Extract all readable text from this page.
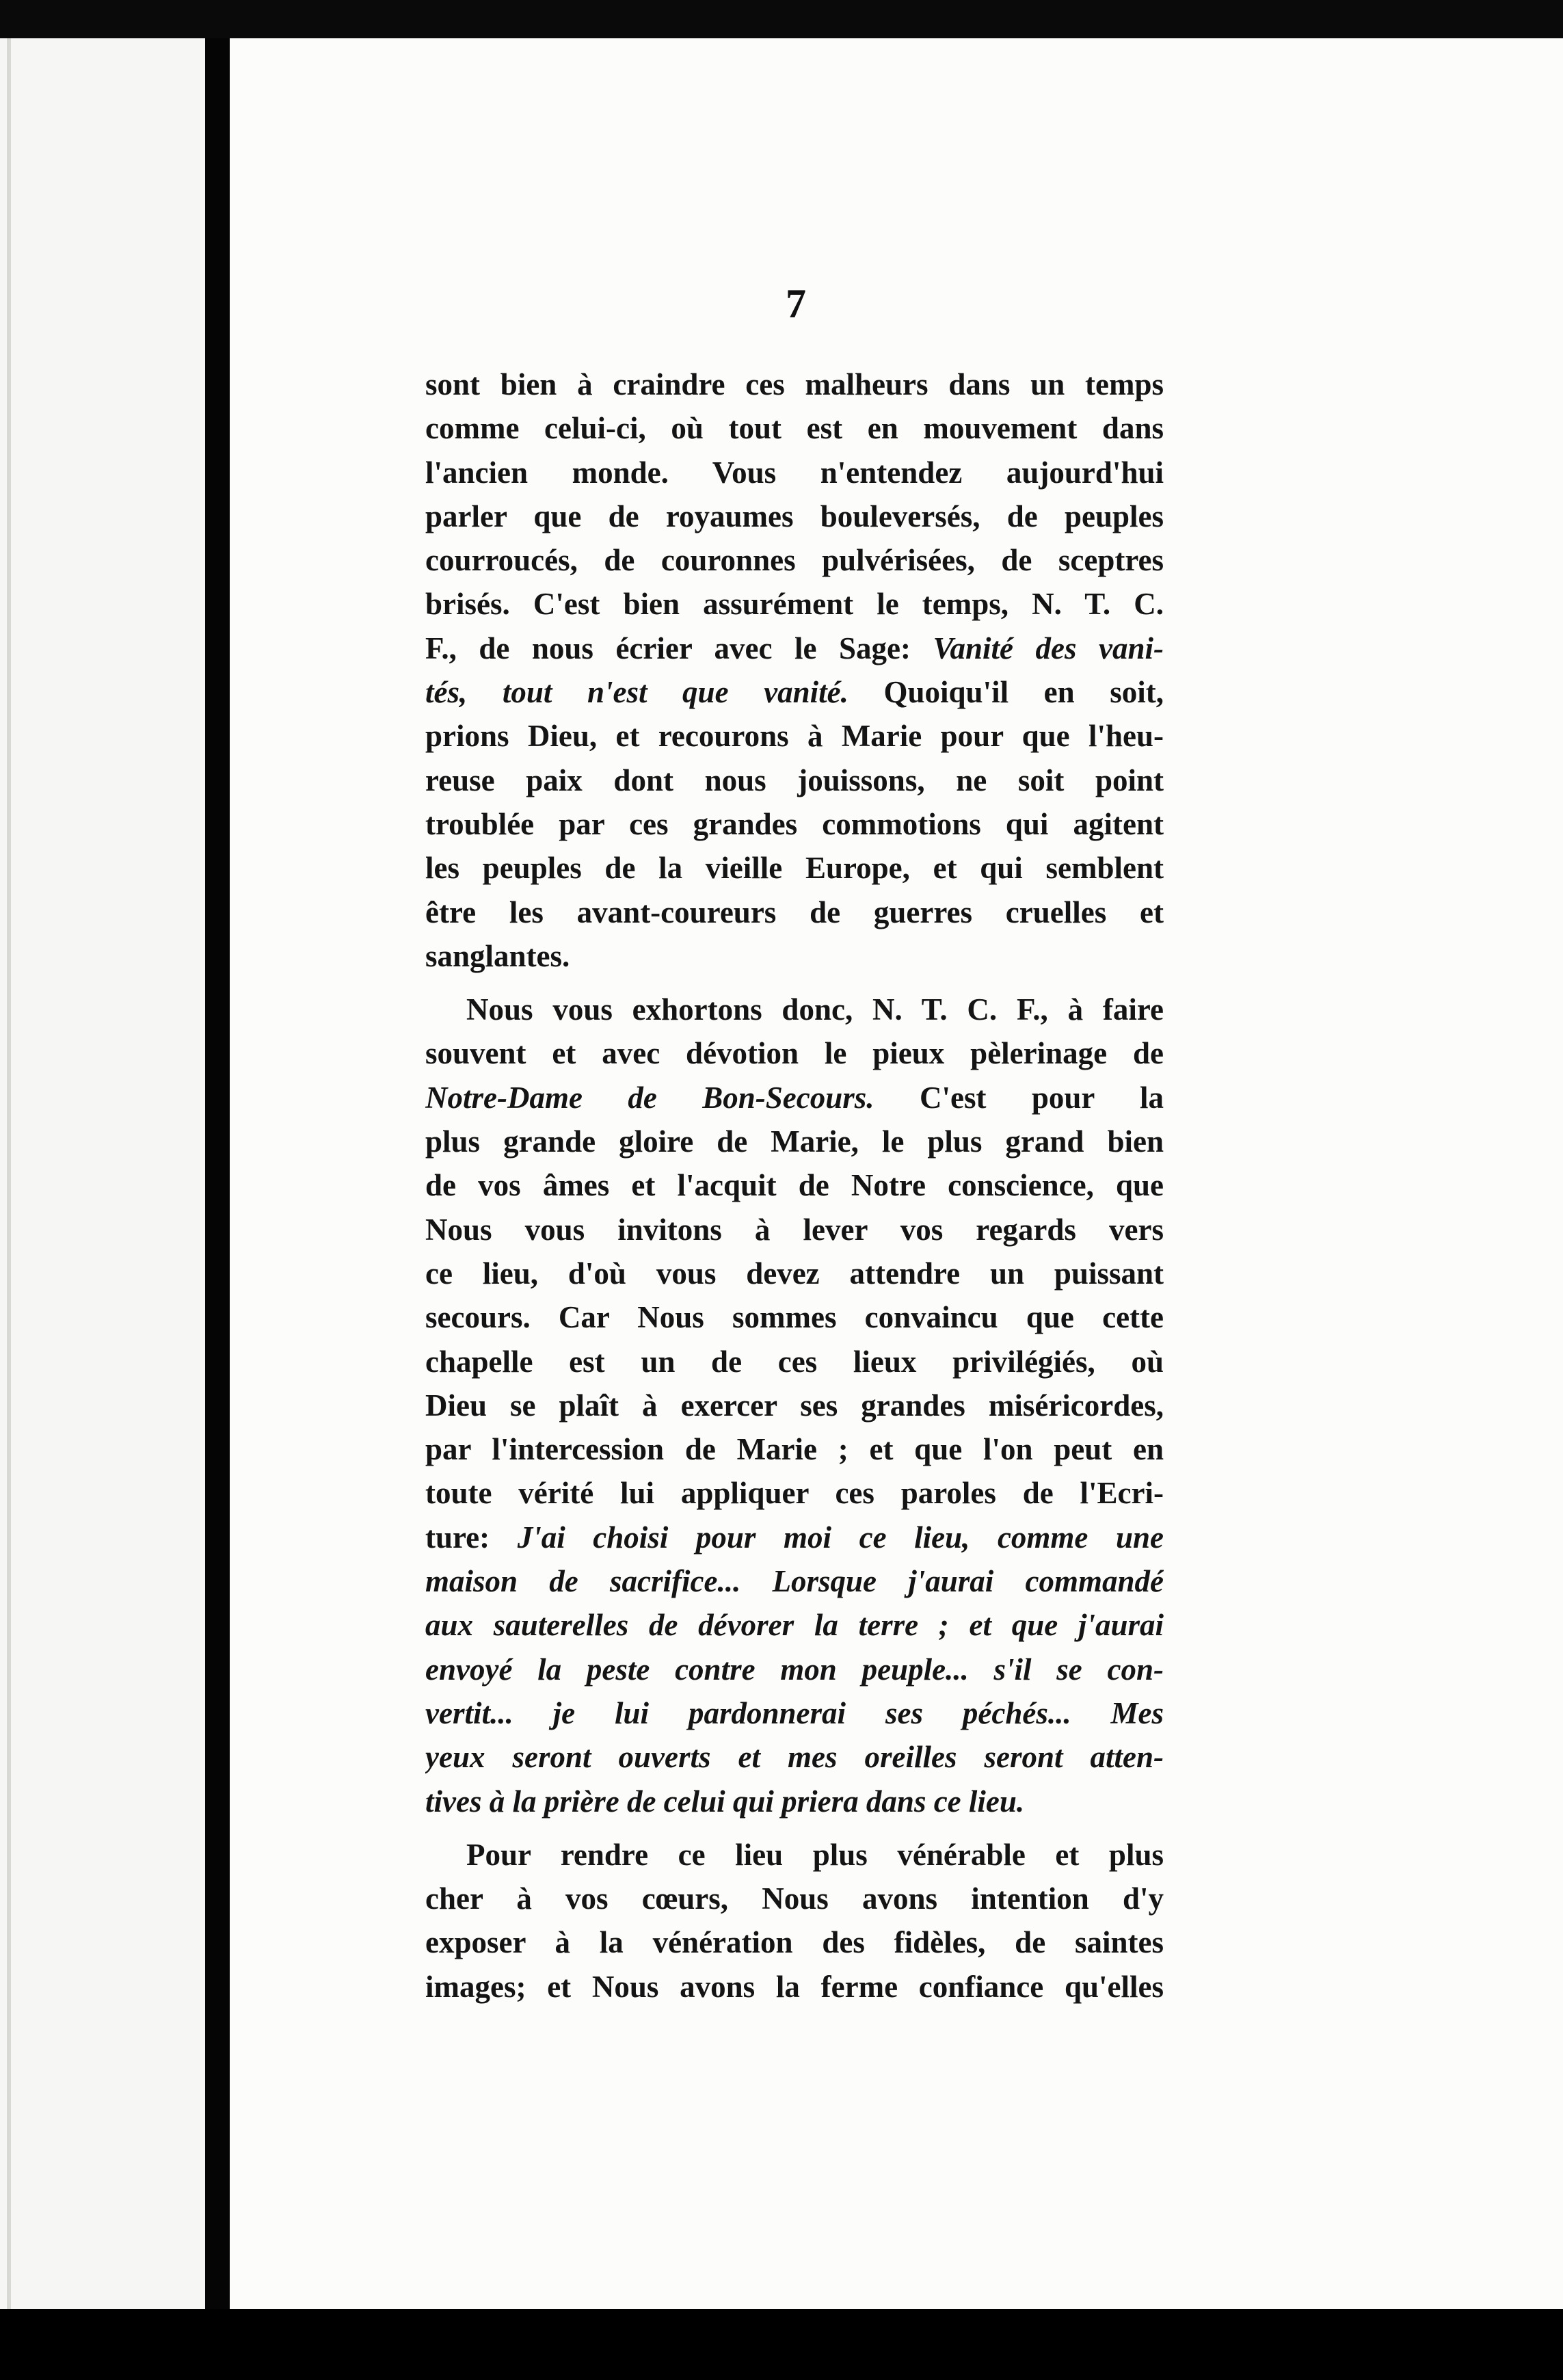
7
sont bien à craindre ces malheurs dans un temps
comme celui-ci, où tout est en mouvement dans
l'ancien monde. Vous n'entendez aujourd'hui
parler que de royaumes bouleversés, de peuples
courroucés, de couronnes pulvérisées, de sceptres
brisés. C'est bien assurément le temps, N. T. C.
F., de nous écrier avec le Sage: Vanité des vani-
tés, tout n'est que vanité. Quoiqu'il en soit,
prions Dieu, et recourons à Marie pour que l'heu-
reuse paix dont nous jouissons, ne soit point
troublée par ces grandes commotions qui agitent
les peuples de la vieille Europe, et qui semblent
être les avant-coureurs de guerres cruelles et
sanglantes.
Nous vous exhortons donc, N. T. C. F., à faire
souvent et avec dévotion le pieux pèlerinage de
Notre-Dame de Bon-Secours. C'est pour la
plus grande gloire de Marie, le plus grand bien
de vos âmes et l'acquit de Notre conscience, que
Nous vous invitons à lever vos regards vers
ce lieu, d'où vous devez attendre un puissant
secours. Car Nous sommes convaincu que cette
chapelle est un de ces lieux privilégiés, où
Dieu se plaît à exercer ses grandes miséricordes,
par l'intercession de Marie ; et que l'on peut en
toute vérité lui appliquer ces paroles de l'Ecri-
ture: J'ai choisi pour moi ce lieu, comme une
maison de sacrifice... Lorsque j'aurai commandé
aux sauterelles de dévorer la terre ; et que j'aurai
envoyé la peste contre mon peuple... s'il se con-
vertit... je lui pardonnerai ses péchés... Mes
yeux seront ouverts et mes oreilles seront atten-
tives à la prière de celui qui priera dans ce lieu.
Pour rendre ce lieu plus vénérable et plus
cher à vos cœurs, Nous avons intention d'y
exposer à la vénération des fidèles, de saintes
images; et Nous avons la ferme confiance qu'elles
